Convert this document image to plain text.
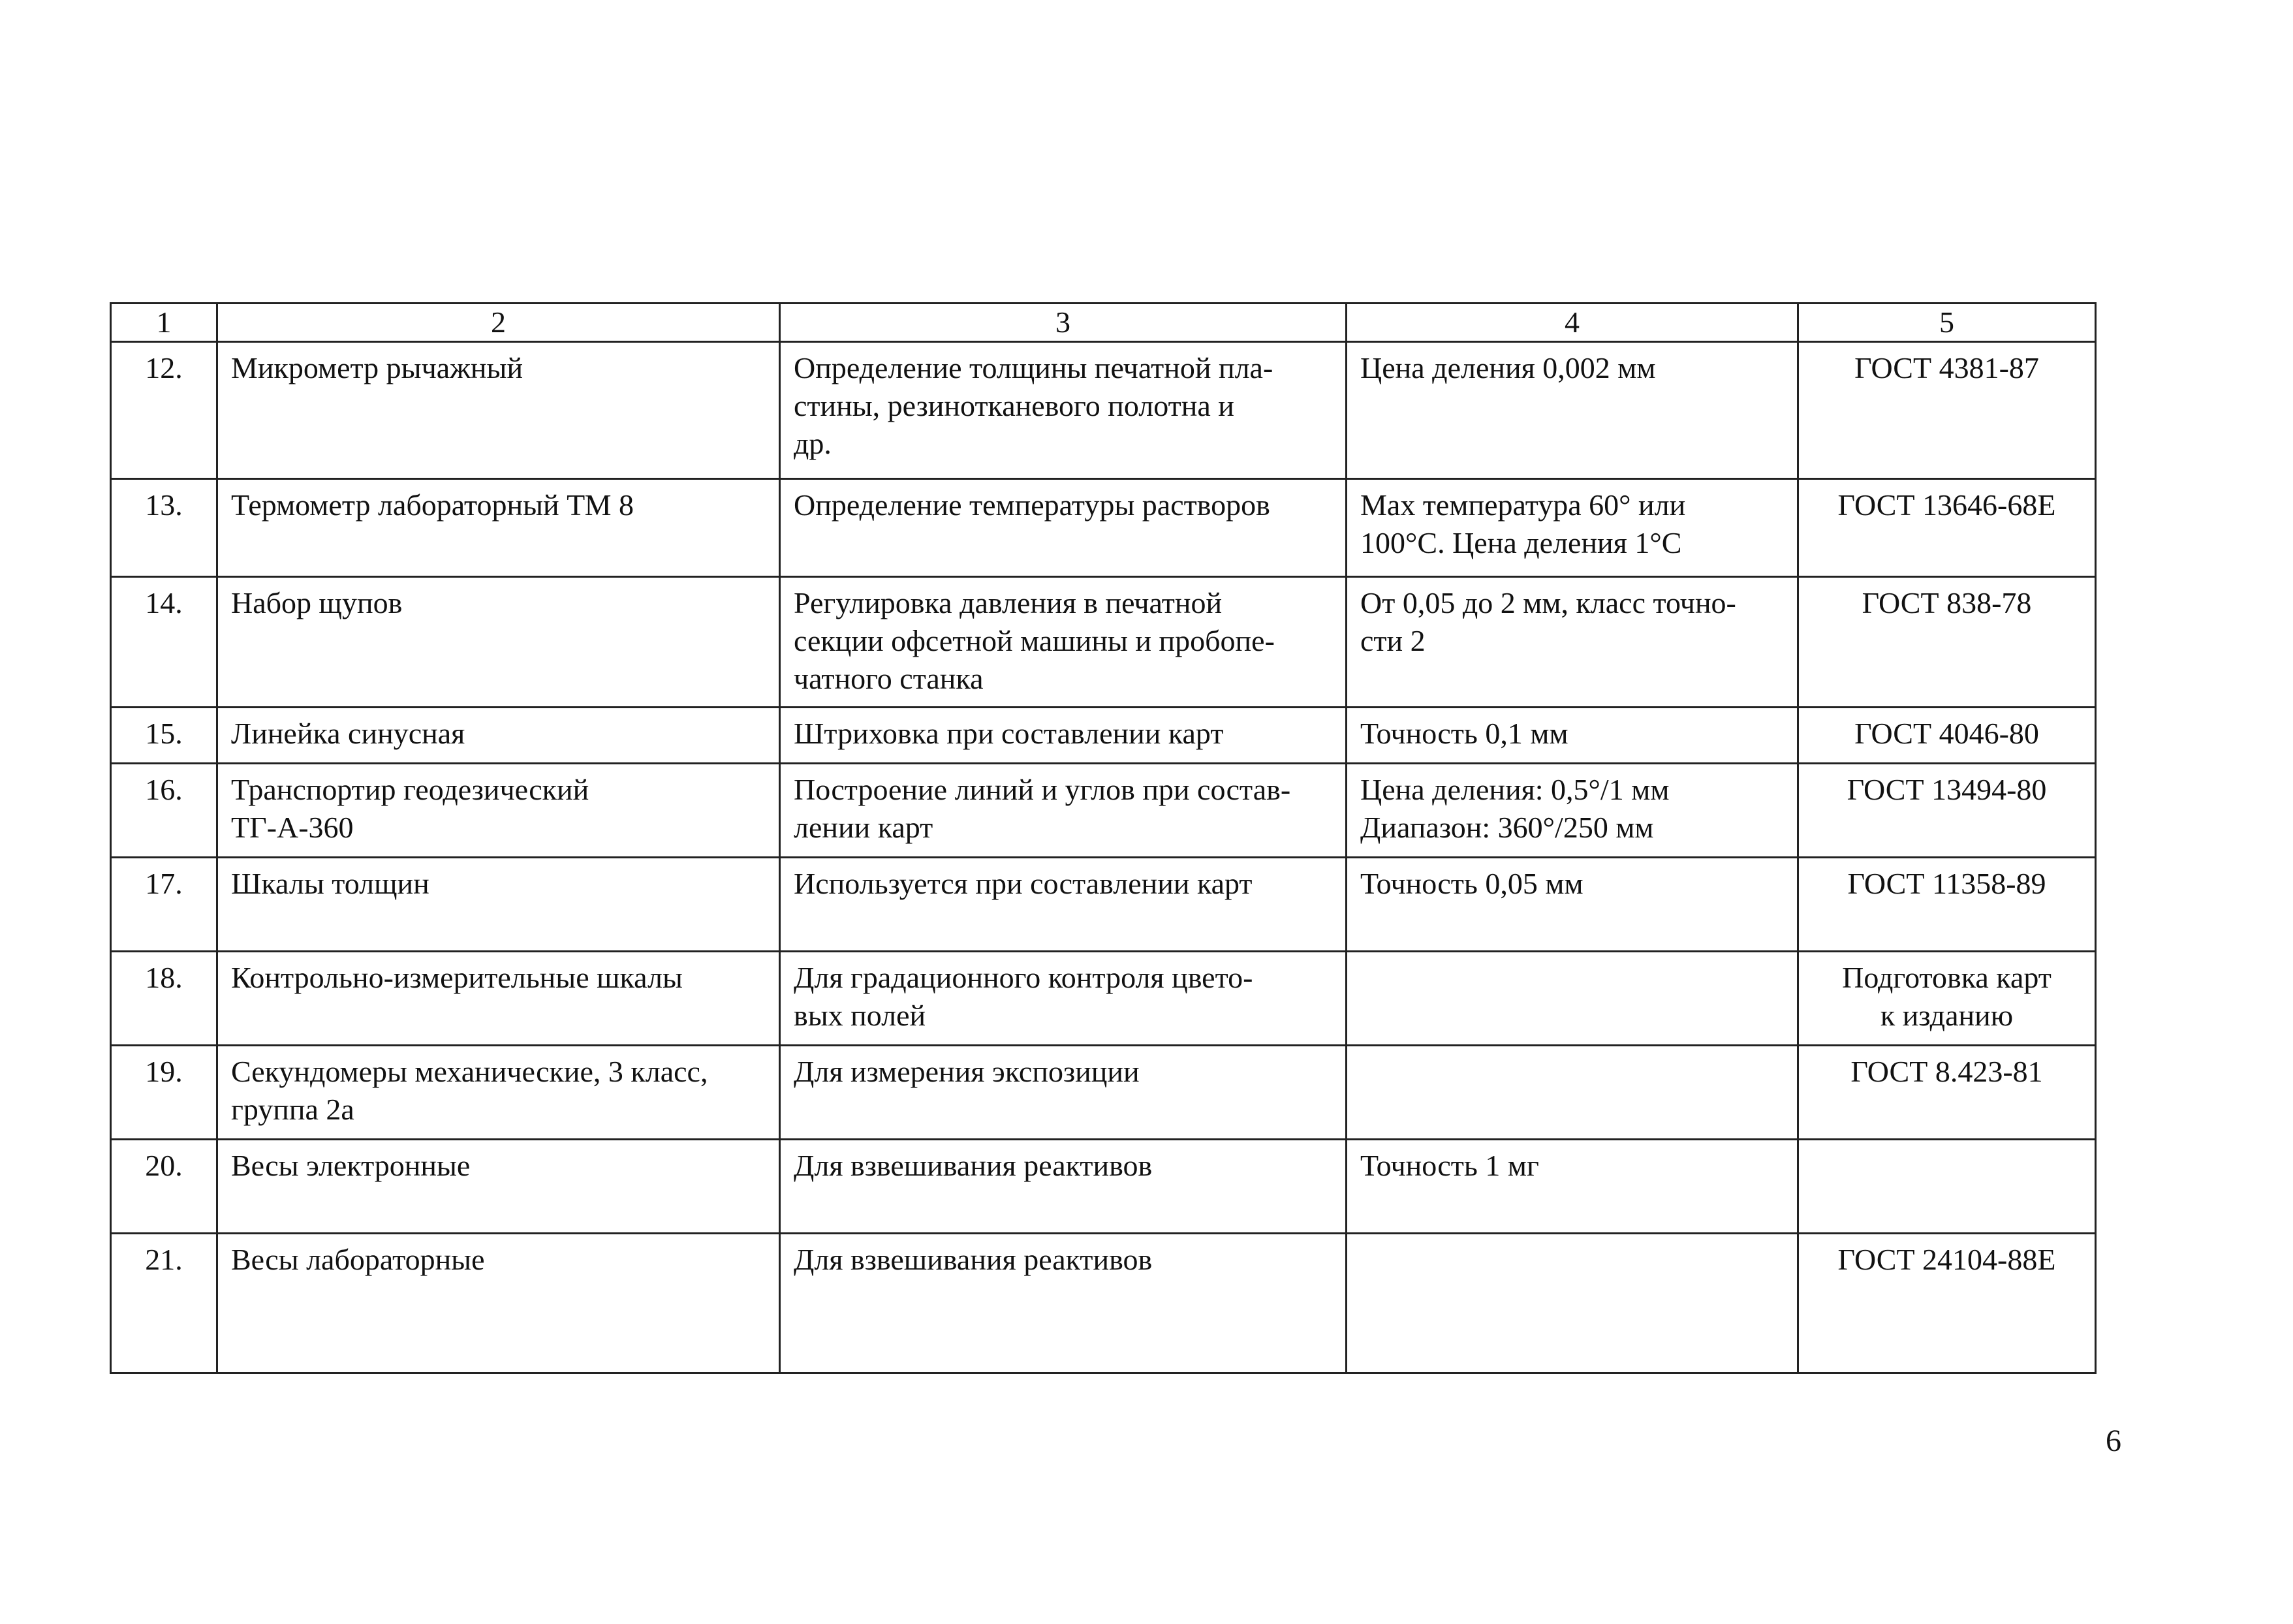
1	2	3	4	5
12.	Микрометр рычажный	Определение толщины печатной пла-
стины, резинотканевого полотна и
др.	Цена деления 0,002 мм	ГОСТ 4381-87
13.	Термометр лабораторный ТМ 8	Определение температуры растворов	Мах температура 60° или
100°С. Цена деления 1°С	ГОСТ 13646-68Е
14.	Набор щупов	Регулировка давления в печатной
секции офсетной машины и пробопе-
чатного станка	От 0,05 до 2 мм, класс точно-
сти 2	ГОСТ 838-78
15.	Линейка синусная	Штриховка при составлении карт	Точность 0,1 мм	ГОСТ 4046-80
16.	Транспортир геодезический
ТГ-А-360	Построение линий и углов при состав-
лении карт	Цена деления: 0,5°/1 мм
Диапазон: 360°/250 мм	ГОСТ 13494-80
17.	Шкалы толщин	Используется при составлении карт	Точность 0,05 мм	ГОСТ 11358-89
18.	Контрольно-измерительные шкалы	Для градационного контроля цвето-
вых полей		Подготовка карт
к изданию
19.	Секундомеры механические, 3 класс,
группа 2а	Для измерения экспозиции		ГОСТ 8.423-81
20.	Весы электронные	Для взвешивания реактивов	Точность 1 мг	
21.	Весы лабораторные	Для взвешивания реактивов		ГОСТ 24104-88Е
6
